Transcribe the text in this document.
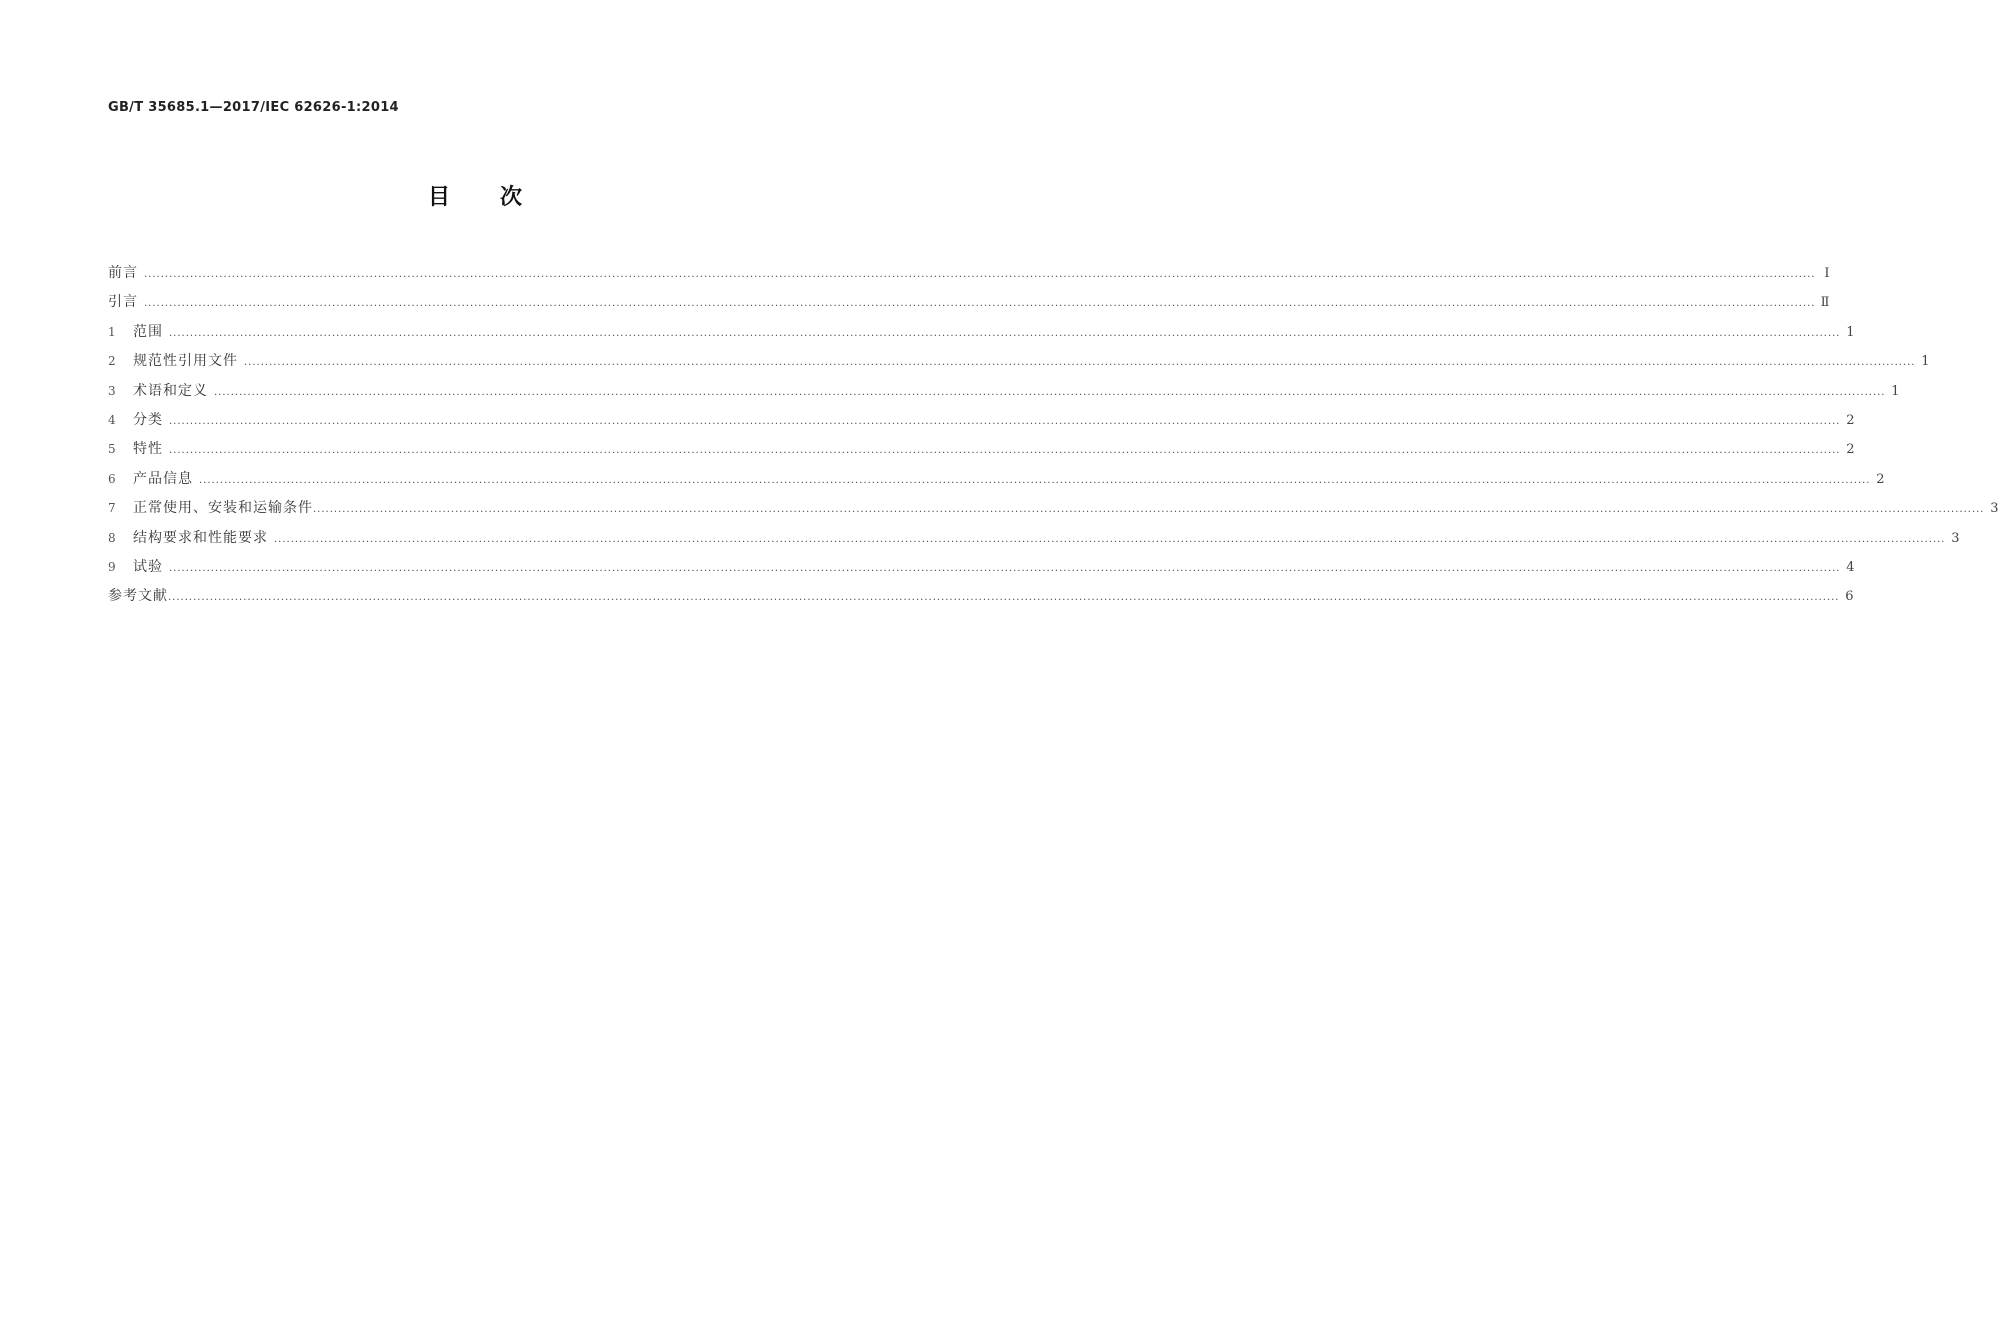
GB/T 35685.1—2017/IEC 62626-1:2014
目次
前言 ................................................................................................................................................................................................................................................................................................................................................................................................................ Ⅰ
引言 ................................................................................................................................................................................................................................................................................................................................................................................................................ Ⅱ
1	范围 ................................................................................................................................................................................................................................................................................................................................................................................................................ 1
2	规范性引用文件 ................................................................................................................................................................................................................................................................................................................................................................................................................ 1
3	术语和定义 ................................................................................................................................................................................................................................................................................................................................................................................................................ 1
4	分类 ................................................................................................................................................................................................................................................................................................................................................................................................................ 2
5	特性 ................................................................................................................................................................................................................................................................................................................................................................................................................ 2
6	产品信息 ................................................................................................................................................................................................................................................................................................................................................................................................................ 2
7	正常使用、安装和运输条件 ................................................................................................................................................................................................................................................................................................................................................................................................................ 3
8	结构要求和性能要求 ................................................................................................................................................................................................................................................................................................................................................................................................................ 3
9	试验 ................................................................................................................................................................................................................................................................................................................................................................................................................ 4
参考文献 ................................................................................................................................................................................................................................................................................................................................................................................................................ 6
